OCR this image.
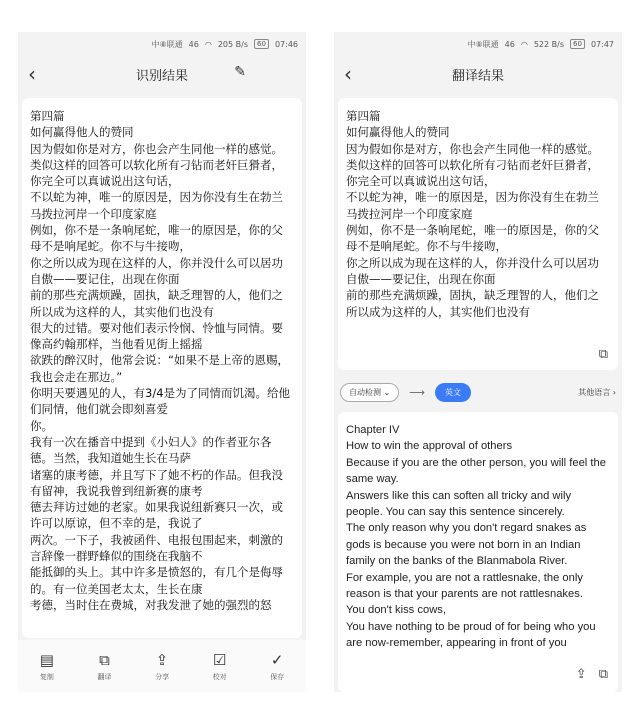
中⑧联通 46 ◠ 205 B/s	60	07:46
‹	识别结果	✎
第四篇
如何赢得他人的赞同
因为假如你是对方，你也会产生同他一样的感觉。
类似这样的回答可以软化所有刁钻而老奸巨猾者，你完全可以真诚说出这句话，
不以蛇为神，唯一的原因是，因为你没有生在勃兰马拨拉河岸一个印度家庭
例如，你不是一条响尾蛇，唯一的原因是，你的父母不是响尾蛇。你不与牛接吻，
你之所以成为现在这样的人，你并没什么可以居功自傲——要记住，出现在你面
前的那些充满烦躁，固执，缺乏理智的人，他们之所以成为这样的人，其实他们也没有
很大的过错。要对他们表示怜悯、怜恤与同情。要像高约翰那样，当他看见街上摇摇
欲跌的醉汉时，他常会说：“如果不是上帝的恩赐，我也会走在那边。”
你明天要遇见的人，有3/4是为了同情而饥渴。给他们同情，他们就会即刻喜爱
你。
我有一次在播音中提到《小妇人》的作者亚尔各德。当然，我知道她生长在马萨
诸塞的康考德，并且写下了她不朽的作品。但我没有留神，我说我曾到纽新赛的康考
德去拜访过她的老家。如果我说纽新赛只一次，或许可以原谅，但不幸的是，我说了
两次。一下子，我被函件、电报包围起来，刺激的言辞像一群野蜂似的围绕在我脑不
能抵御的头上。其中许多是愤怒的，有几个是侮辱的。有一位美国老太太，生长在康
考德，当时住在费城，对我发泄了她的强烈的怒
▤
复制
⧉
翻译
⇪
分享
☑
校对
✓
保存
中⑧联通 46 ◠ 522 B/s	60	07:47
‹	翻译结果
第四篇
如何赢得他人的赞同
因为假如你是对方，你也会产生同他一样的感觉。
类似这样的回答可以软化所有刁钻而老奸巨猾者，你完全可以真诚说出这句话，
不以蛇为神，唯一的原因是，因为你没有生在勃兰马拨拉河岸一个印度家庭
例如，你不是一条响尾蛇，唯一的原因是，你的父母不是响尾蛇。你不与牛接吻，
你之所以成为现在这样的人，你并没什么可以居功自傲——要记住，出现在你面
前的那些充满烦躁，固执，缺乏理智的人，他们之所以成为这样的人，其实他们也没有
⧉
自动检测 ⌄	⟶	英文	其他语言 ›
Chapter IV
How to win the approval of others
Because if you are the other person, you will feel the same way.
Answers like this can soften all tricky and wily people. You can say this sentence sincerely.
The only reason why you don't regard snakes as gods is because you were not born in an Indian family on the banks of the Blanmabola River.
For example, you are not a rattlesnake, the only reason is that your parents are not rattlesnakes.
You don't kiss cows,
You have nothing to be proud of for being who you are now-remember, appearing in front of you
⇪ ⧉
